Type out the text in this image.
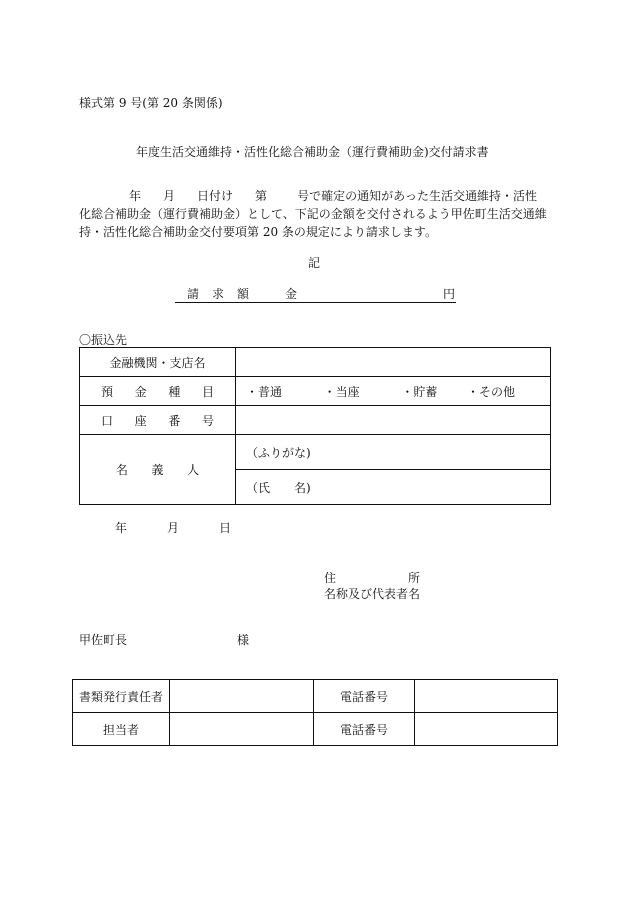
様式第 9 号(第 20 条関係)
年度生活交通維持・活性化総合補助金（運行費補助金)交付請求書
年 月 日付け 第	号で確定の通知があった生活交通維持・活性
化総合補助金（運行費補助金）として、下記の金額を交付されるよう甲佐町生活交通維
持・活性化総合補助金交付要項第 20 条の規定により請求します。
記
請 求 額	金	円
〇振込先
金融機関・支店名	
預 金 種 目	・普通 ・当座 ・貯蓄 ・その他
口 座 番 号	
名 義 人	（ふりがな)
	（氏　　名)
年	月	日
住　　　　　　所
名称及び代表者名
甲佐町長	様
書類発行責任者		電話番号	
担当者		電話番号	
